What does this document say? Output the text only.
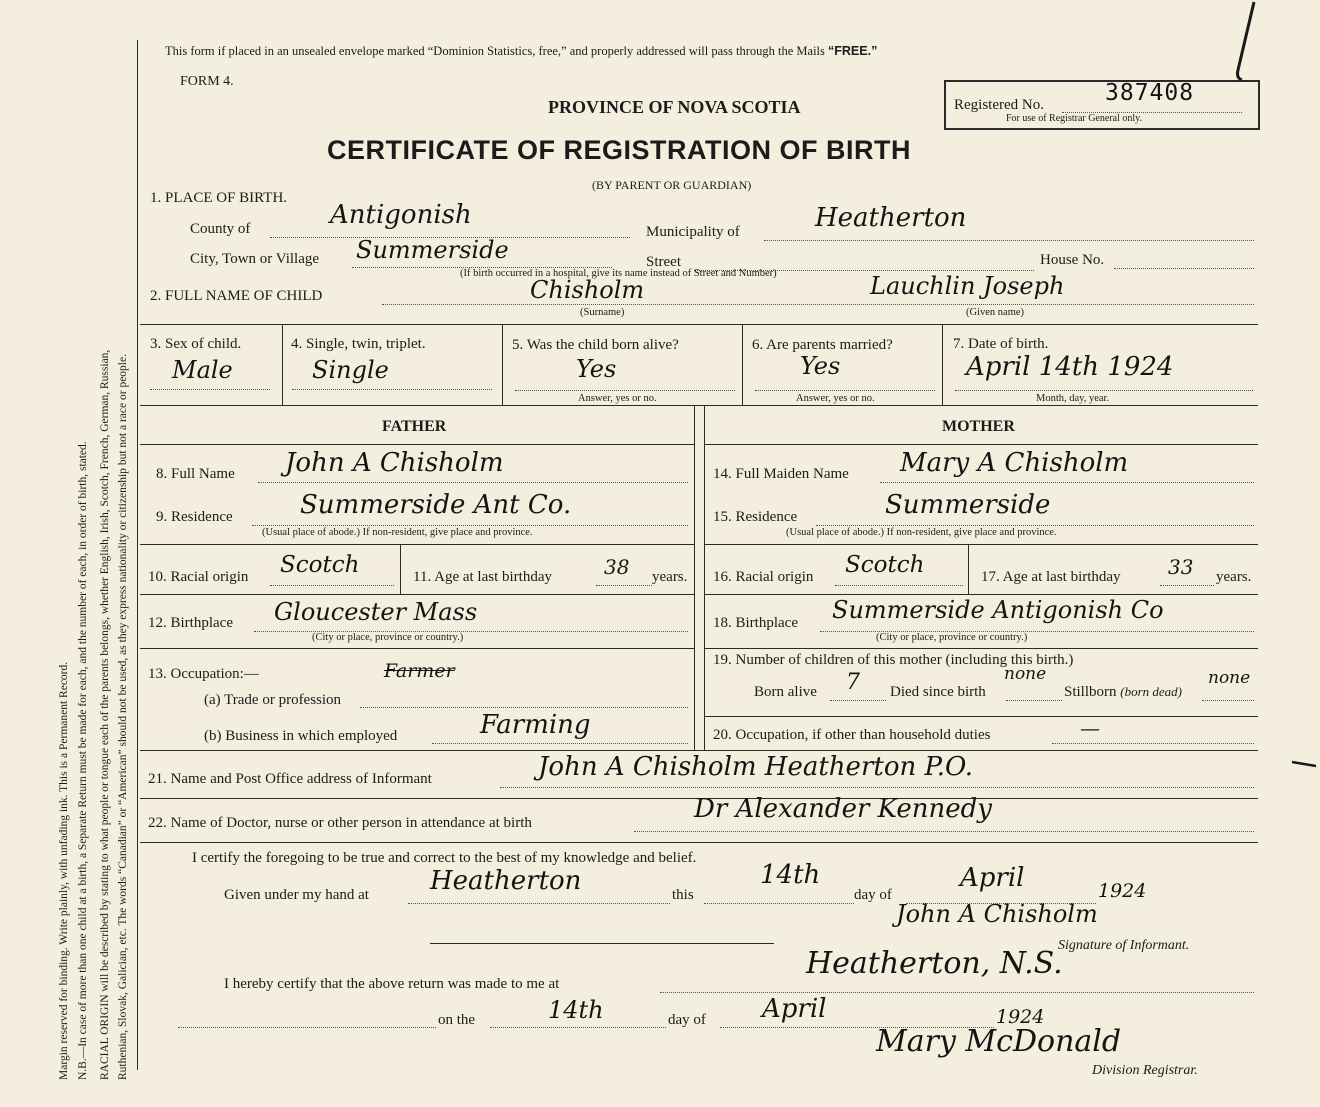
Margin reserved for binding. Write plainly, with unfading ink. This is a Permanent Record. N.B.—In case of more than one child at a birth, a Separate Return must be made for each, and the number of each, in order of birth, stated. RACIAL ORIGIN will be described by stating to what people or tongue each of the parents belongs, whether English, Irish, Scotch, French, German, Russian, Ruthenian, Slovak, Galician, etc. The words “Canadian” or “American” should not be used, as they express nationality or citizenship but not a race or people.
This form if placed in an unsealed envelope marked “Dominion Statistics, free,” and properly addressed will pass through the Mails “FREE.”
FORM 4.
PROVINCE OF NOVA SCOTIA
CERTIFICATE OF REGISTRATION OF BIRTH
(BY PARENT OR GUARDIAN)
Registered No.	387408
For use of Registrar General only.
1. PLACE OF BIRTH.
County of	Antigonish
Municipality of	Heatherton
City, Town or Village Summerside	Street	House No.
(If birth occurred in a hospital, give its name instead of Street and Number)
2. FULL NAME OF CHILD	Chisholm
(Surname)
Lauchlin Joseph
(Given name)
3. Sex of child.
Male
4. Single, twin, triplet.
Single
5. Was the child born alive?
Yes
Answer, yes or no.
6. Are parents married?
Yes
Answer, yes or no.
7. Date of birth.
April 14th 1924
Month, day, year.
FATHER	MOTHER
8. Full Name John A Chisholm	14. Full Maiden Name Mary A Chisholm
9. Residence	Summerside Ant Co.
(Usual place of abode.) If non-resident, give place and province.
15. Residence	Summerside
(Usual place of abode.) If non-resident, give place and province.
10. Racial origin Scotch	11. Age at last birthday	38 years. 16. Racial origin Scotch	17. Age at last birthday 33 years.
12. Birthplace Gloucester Mass
(City or place, province or country.)
18. Birthplace Summerside Antigonish Co
(City or place, province or country.)
13. Occupation:—	Farmer
(a) Trade or profession
(b) Business in which employed	Farming
19. Number of children of this mother (including this birth.)
Born alive 7 Died since birth
none
Stillborn (born dead)
none
20. Occupation, if other than household duties	—
21. Name and Post Office address of Informant	John A Chisholm Heatherton P.O.
22. Name of Doctor, nurse or other person in attendance at birth	Dr Alexander Kennedy
I certify the foregoing to be true and correct to the best of my knowledge and belief.
Given under my hand at Heatherton	this
14th
day of
April	1924
John A Chisholm
Signature of Informant.
I hereby certify that the above return was made to me at
Heatherton, N.S.
on the	14th	day of April	1924
Mary McDonald
Division Registrar.
